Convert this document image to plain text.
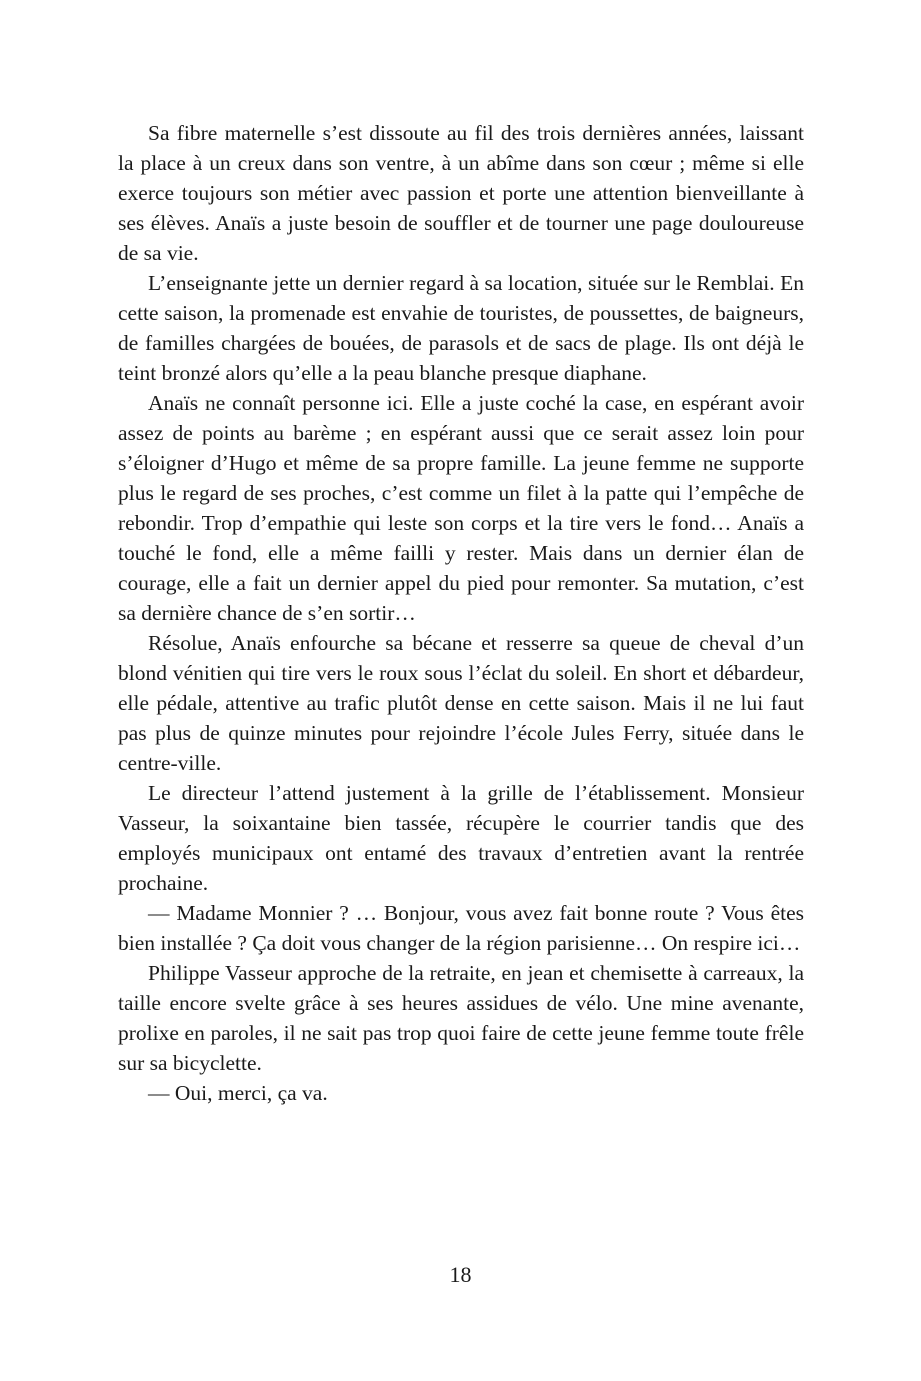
Sa fibre maternelle s’est dissoute au fil des trois dernières années, laissant la place à un creux dans son ventre, à un abîme dans son cœur ; même si elle exerce toujours son métier avec passion et porte une attention bienveillante à ses élèves. Anaïs a juste besoin de souffler et de tourner une page douloureuse de sa vie.

L’enseignante jette un dernier regard à sa location, située sur le Remblai. En cette saison, la promenade est envahie de touristes, de poussettes, de baigneurs, de familles chargées de bouées, de parasols et de sacs de plage. Ils ont déjà le teint bronzé alors qu’elle a la peau blanche presque diaphane.

Anaïs ne connaît personne ici. Elle a juste coché la case, en espérant avoir assez de points au barème ; en espérant aussi que ce serait assez loin pour s’éloigner d’Hugo et même de sa propre famille. La jeune femme ne supporte plus le regard de ses proches, c’est comme un filet à la patte qui l’empêche de rebondir. Trop d’empathie qui leste son corps et la tire vers le fond… Anaïs a touché le fond, elle a même failli y rester. Mais dans un dernier élan de courage, elle a fait un dernier appel du pied pour remonter. Sa mutation, c’est sa dernière chance de s’en sortir…

Résolue, Anaïs enfourche sa bécane et resserre sa queue de cheval d’un blond vénitien qui tire vers le roux sous l’éclat du soleil. En short et débardeur, elle pédale, attentive au trafic plutôt dense en cette saison. Mais il ne lui faut pas plus de quinze minutes pour rejoindre l’école Jules Ferry, située dans le centre-ville.

Le directeur l’attend justement à la grille de l’établissement. Monsieur Vasseur, la soixantaine bien tassée, récupère le courrier tandis que des employés municipaux ont entamé des travaux d’entretien avant la rentrée prochaine.

— Madame Monnier ? … Bonjour, vous avez fait bonne route ? Vous êtes bien installée ? Ça doit vous changer de la région parisienne… On respire ici…

Philippe Vasseur approche de la retraite, en jean et chemisette à carreaux, la taille encore svelte grâce à ses heures assidues de vélo. Une mine avenante, prolixe en paroles, il ne sait pas trop quoi faire de cette jeune femme toute frêle sur sa bicyclette.

— Oui, merci, ça va.

18
